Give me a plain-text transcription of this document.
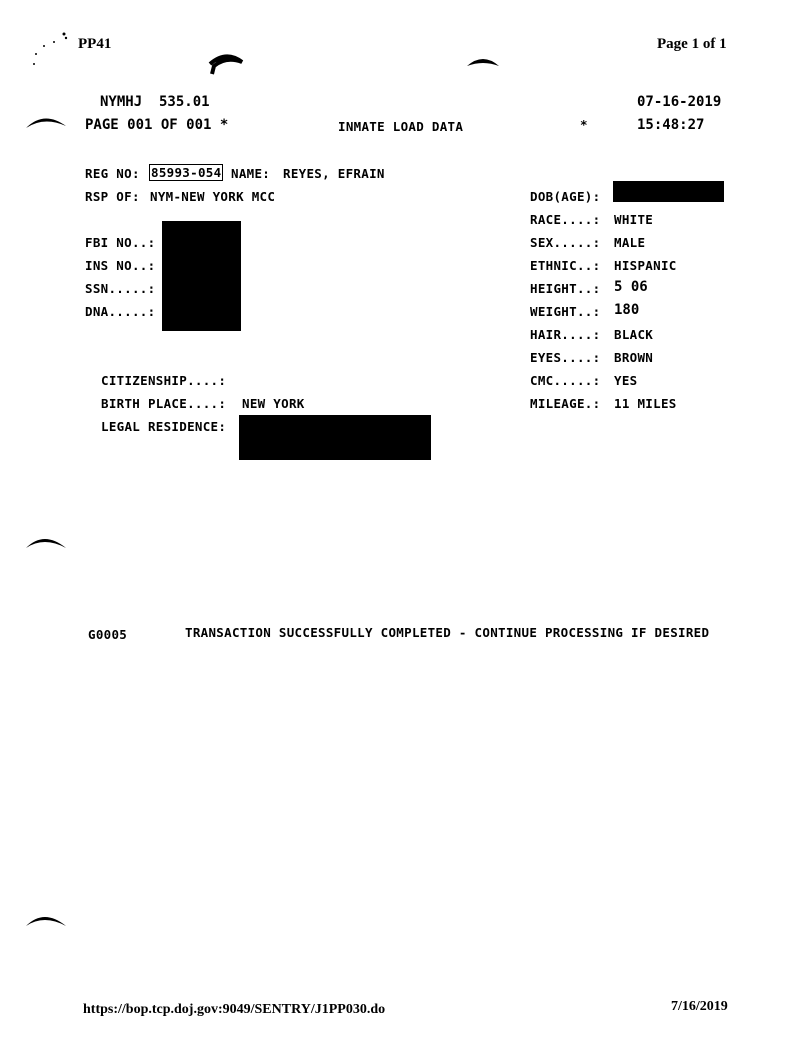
PP41	Page 1 of 1
NYMHJ  535.01	07-16-2019
PAGE 001 OF 001 *	INMATE LOAD DATA	*	15:48:27
REG NO: 85993-054 NAME: REYES, EFRAIN
RSP OF: NYM-NEW YORK MCC
FBI NO..:
INS NO..:
SSN.....:
DNA.....:
DOB(AGE):
RACE....: WHITE
SEX.....: MALE
ETHNIC..: HISPANIC
HEIGHT..: 5 06
WEIGHT..: 180
HAIR....: BLACK
EYES....: BROWN
CMC.....: YES
MILEAGE.: 11 MILES
CITIZENSHIP....:
BIRTH PLACE....: NEW YORK
LEGAL RESIDENCE:
G0005	TRANSACTION SUCCESSFULLY COMPLETED - CONTINUE PROCESSING IF DESIRED
https://bop.tcp.doj.gov:9049/SENTRY/J1PP030.do	7/16/2019
